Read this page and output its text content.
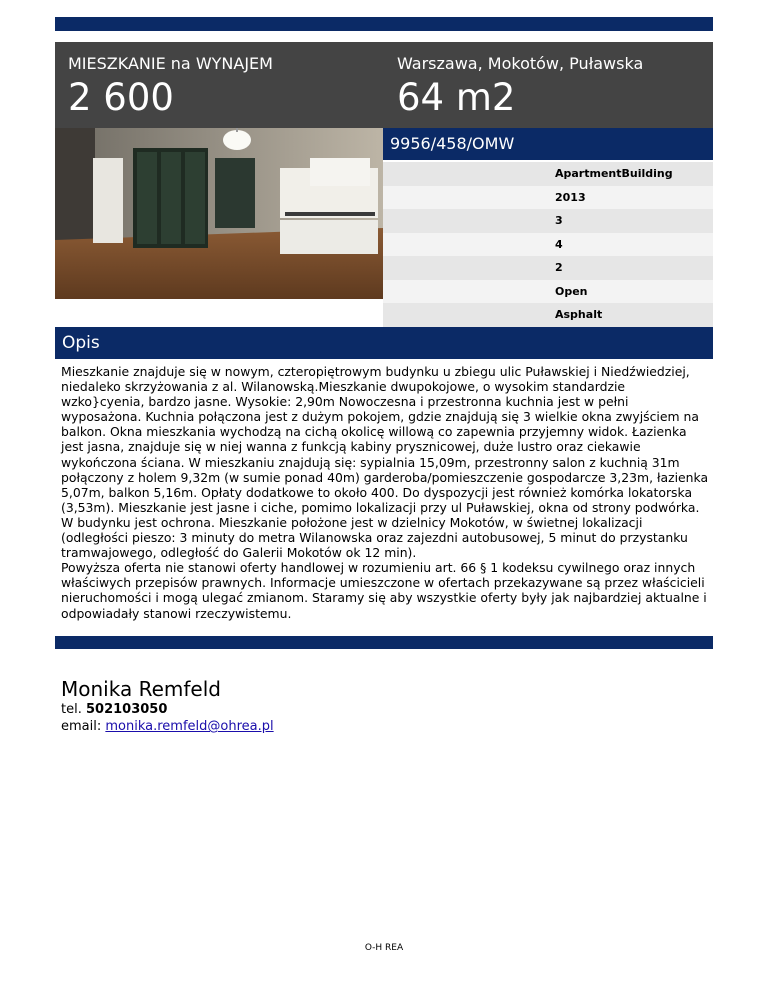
MIESZKANIE na WYNAJEM
2 600
Warszawa, Mokotów, Puławska
64 m2
9956/458/OMW
ApartmentBuilding
2013
3
4
2
Open
Asphalt
Opis

Mieszkanie znajduje się w nowym, czteropiętrowym budynku u zbiegu ulic Puławskiej i Niedźwiedziej, niedaleko skrzyżowania z al. Wilanowską.Mieszkanie dwupokojowe, o wysokim standardzie wzko}cyenia, bardzo jasne. Wysokie: 2,90m Nowoczesna i przestronna kuchnia jest w pełni wyposażona. Kuchnia połączona jest z dużym pokojem, gdzie znajdują się 3 wielkie okna zwyjściem na balkon. Okna mieszkania wychodzą na cichą okolicę willową co zapewnia przyjemny widok. Łazienka jest jasna, znajduje się w niej wanna z funkcją kabiny prysznicowej, duże lustro oraz ciekawie wykończona ściana. W mieszkaniu znajdują się: sypialnia 15,09m, przestronny salon z kuchnią 31m połączony z holem 9,32m (w sumie ponad 40m) garderoba/pomieszczenie gospodarcze 3,23m, łazienka 5,07m, balkon 5,16m. Opłaty dodatkowe to około 400. Do dyspozycji jest również komórka lokatorska (3,53m). Mieszkanie jest jasne i ciche, pomimo lokalizacji przy ul Puławskiej, okna od strony podwórka. W budynku jest ochrona. Mieszkanie położone jest w dzielnicy Mokotów, w świetnej lokalizacji (odległości pieszo: 3 minuty do metra Wilanowska oraz zajezdni autobusowej, 5 minut do przystanku tramwajowego, odległość do Galerii Mokotów ok 12 min).

Powyższa oferta nie stanowi oferty handlowej w rozumieniu art. 66 § 1 kodeksu cywilnego oraz innych właściwych przepisów prawnych. Informacje umieszczone w ofertach przekazywane są przez właścicieli nieruchomości i mogą ulegać zmianom. Staramy się aby wszystkie oferty były jak najbardziej aktualne i odpowiadały stanowi rzeczywistemu.

Monika Remfeld
tel. 502103050
email: monika.remfeld@ohrea.pl
O-H REA
